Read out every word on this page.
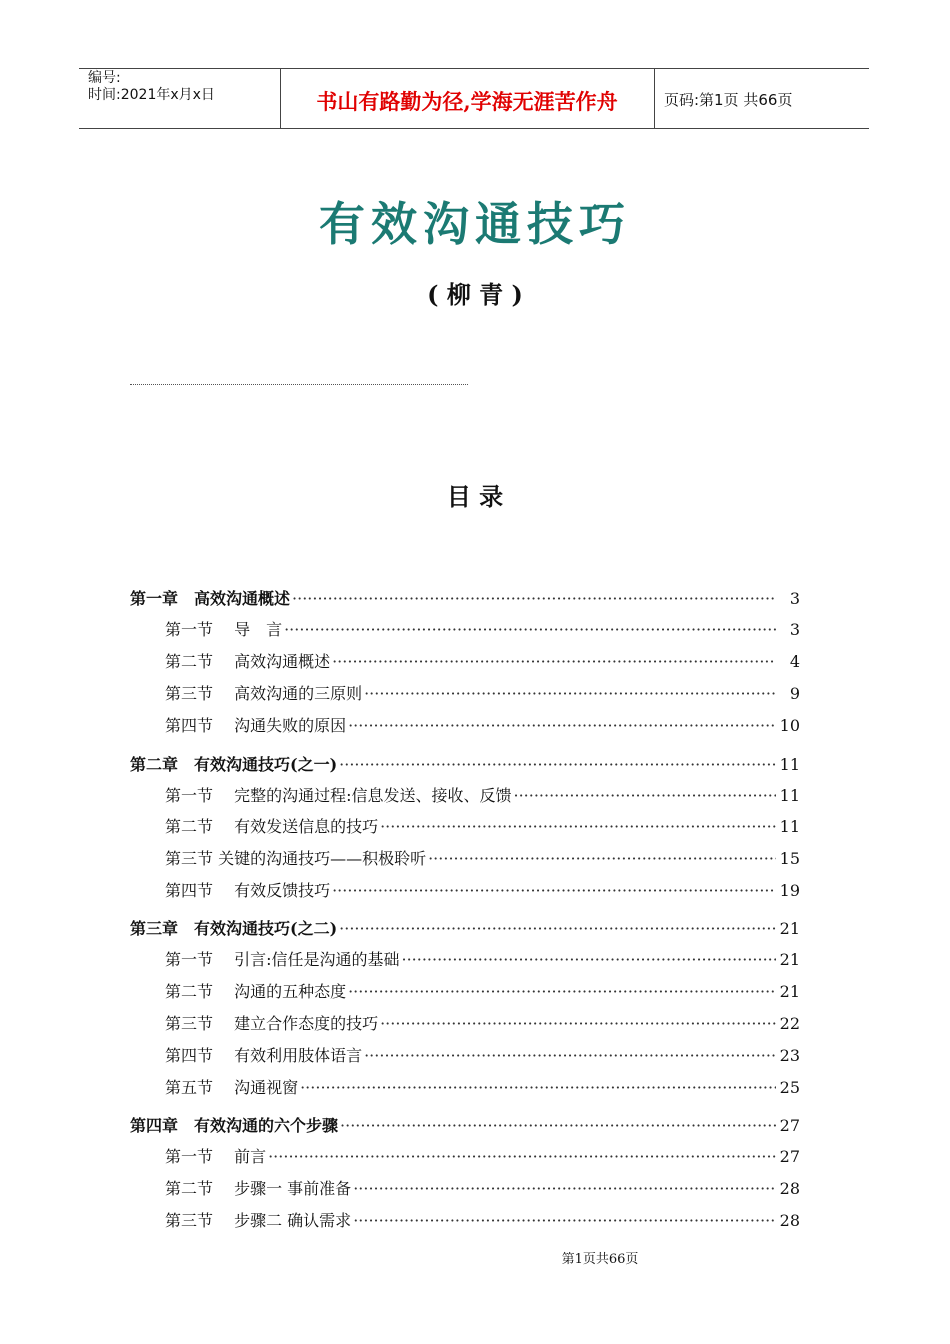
编号:
时间:2021年x月x日	书山有路勤为径,学海无涯苦作舟	页码:第1页 共66页
有效沟通技巧
( 柳 青 )
目 录
第一章　高效沟通概述 ·····	3
第一节　 导　言 ·····	3
第二节　 高效沟通概述 ·····	4
第三节　 高效沟通的三原则 ·····	9
第四节　 沟通失败的原因 ·····	10
第二章　有效沟通技巧(之一) ·····	11
第一节　 完整的沟通过程:信息发送、接收、反馈 ·····	11
第二节　 有效发送信息的技巧 ·····	11
第三节 关键的沟通技巧——积极聆听 ·····	15
第四节　 有效反馈技巧 ·····	19
第三章　有效沟通技巧(之二) ·····	21
第一节　 引言:信任是沟通的基础 ·····	21
第二节　 沟通的五种态度 ·····	21
第三节　 建立合作态度的技巧 ·····	22
第四节　 有效利用肢体语言 ·····	23
第五节　 沟通视窗 ·····	25
第四章　有效沟通的六个步骤 ·····	27
第一节　 前言 ·····	27
第二节　 步骤一 事前准备 ·····	28
第三节　 步骤二 确认需求 ·····	28
第1页共66页
